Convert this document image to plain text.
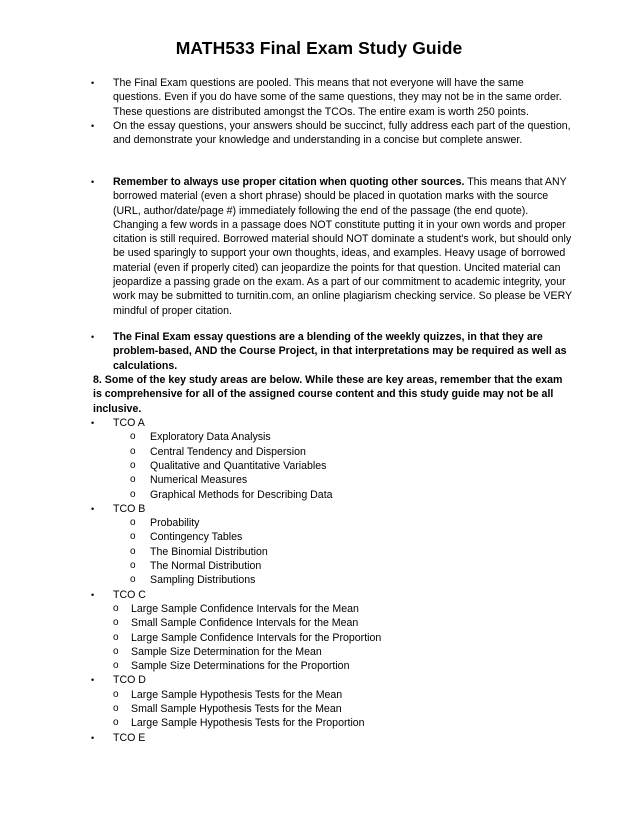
MATH533 Final Exam Study Guide
•	The Final Exam questions are pooled. This means that not everyone will have the same questions. Even if you do have some of the same questions, they may not be in the same order. These questions are distributed amongst the TCOs. The entire exam is worth 250 points.
•	On the essay questions, your answers should be succinct, fully address each part of the question, and demonstrate your knowledge and understanding in a concise but complete answer.
•	Remember to always use proper citation when quoting other sources. This means that ANY borrowed material (even a short phrase) should be placed in quotation marks with the source (URL, author/date/page #) immediately following the end of the passage (the end quote). Changing a few words in a passage does NOT constitute putting it in your own words and proper citation is still required. Borrowed material should NOT dominate a student's work, but should only be used sparingly to support your own thoughts, ideas, and examples. Heavy usage of borrowed material (even if properly cited) can jeopardize the points for that question. Uncited material can jeopardize a passing grade on the exam. As a part of our commitment to academic integrity, your work may be submitted to turnitin.com, an online plagiarism checking service. So please be VERY mindful of proper citation.
•	The Final Exam essay questions are a blending of the weekly quizzes, in that they are problem-based, AND the Course Project, in that interpretations may be required as well as calculations.
8. Some of the key study areas are below. While these are key areas, remember that the exam is comprehensive for all of the assigned course content and this study guide may not be all inclusive.
•	TCO A
o Exploratory Data Analysis
o Central Tendency and Dispersion
o Qualitative and Quantitative Variables
o Numerical Measures
o Graphical Methods for Describing Data
•	TCO B
o Probability
o Contingency Tables
o The Binomial Distribution
o The Normal Distribution
o Sampling Distributions
•	TCO C
o Large Sample Confidence Intervals for the Mean
o Small Sample Confidence Intervals for the Mean
o Large Sample Confidence Intervals for the Proportion
o Sample Size Determination for the Mean
o Sample Size Determinations for the Proportion
•	TCO D
o Large Sample Hypothesis Tests for the Mean
o Small Sample Hypothesis Tests for the Mean
o Large Sample Hypothesis Tests for the Proportion
•	TCO E
